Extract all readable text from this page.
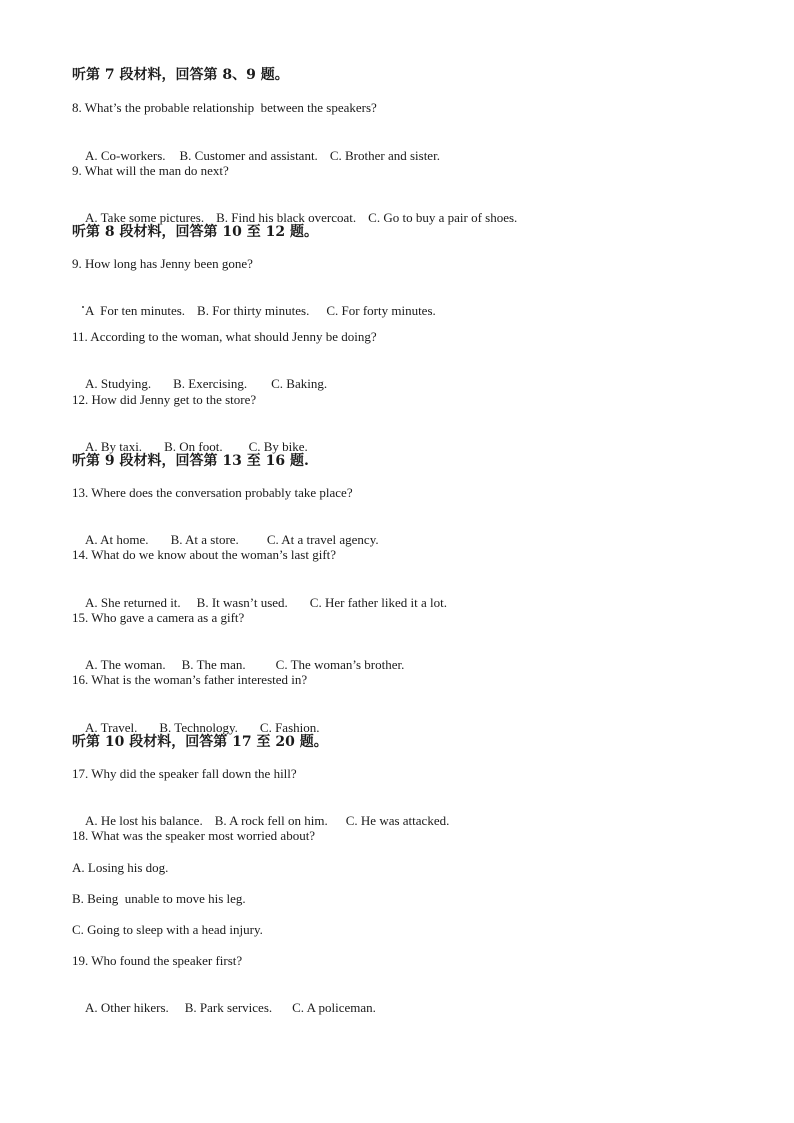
听第 7 段材料，回答第 8、9 题。
8. What’s the probable relationship  between the speakers?

A. Co-workers. B. Customer and assistant. C. Brother and sister.

9. What will the man do next?

A. Take some pictures. B. Find his black overcoat. C. Go to buy a pair of shoes.

听第 8 段材料，回答第 10 至 12 题。
9. How long has Jenny been gone?

A  For ten minutes. B. For thirty minutes. C. For forty minutes.

11. According to the woman, what should Jenny be doing?

A. Studying. B. Exercising. C. Baking.

12. How did Jenny get to the store?

A. By taxi. B. On foot. C. By bike.

听第 9 段材料，回答第 13 至 16 题.
13. Where does the conversation probably take place?

A. At home. B. At a store. C. At a travel agency.

14. What do we know about the woman’s last gift?

A. She returned it. B. It wasn’t used. C. Her father liked it a lot.

15. Who gave a camera as a gift?

A. The woman. B. The man. C. The woman’s brother.

16. What is the woman’s father interested in?

A. Travel. B. Technology. C. Fashion.

听第 10 段材料，回答第 17 至 20 题。
17. Why did the speaker fall down the hill?

A. He lost his balance. B. A rock fell on him. C. He was attacked.

18. What was the speaker most worried about?
A. Losing his dog.
B. Being  unable to move his leg.
C. Going to sleep with a head injury.
19. Who found the speaker first?

A. Other hikers. B. Park services. C. A policeman.
